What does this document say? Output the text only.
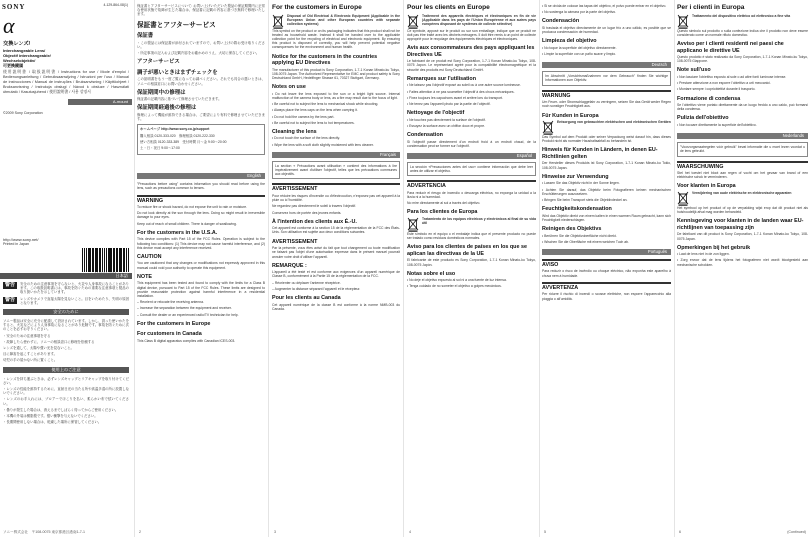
SONY	4-129-864-08(1)
α
交換レンズ/
Interchangeable Lens/
Objectif interchangeable/
Wechselobjektiv/
可更換鏡頭
使用説明書 / 取扱説明書 / Instructions for use / Mode d'emploi / Bedienungsanleitung / Gebruiksaanwijzing / Istruzioni per l'uso / Manual de instrucciones / Manual de instruções / Bruksanvisning / Käyttöohjeet / Bruksanvisning / Instrukcja obsługi / Návod k obsluze / Használati útmutató / Kasutusjuhend / 使用說明書 / 사용 설명서
A-mount
©2009 Sony Corporation
http://www.sony.net/
Printed in Japan
日本語
警告	安全のための注意事項を守らないと、火災や人身事故になることがあります。この取扱説明書には、事故を防ぐための重要な注意事項と製品の取り扱いかたを示しています。
警告	レンズやカメラで直接太陽を見ないこと。目をいためたり、失明の原因となります。
安全のために
ソニー製品は安全に充分に配慮して設計されています。しかし、誤った使いかたをすると、火災などにより人身事故になることがあり危険です。事故を防ぐために次のことを必ずお守りください。
・安全のための注意事項を守る
・故障したら使わずに、ソニーの相談窓口に修理を依頼する
レンズを通して、太陽や強い光を見ないこと。
目に障害を起こすことがあります。
幼児の手の届かない所に置くこと。
使用上のご注意
・レンズを持ち運ぶときは、必ずレンズキャップとリアキャップを取り付けてください。
・レンズの性能を維持するために、直射日光の当たる所や高温多湿の所に放置しないでください。
・レンズのお手入れには、ブロアーでほこりを払い、柔らかい布で拭いてください。
・曇りが発生した場合は、消えるまでしばらく待ってからご使用ください。
・本機の外装は樹脂製です。強い衝撃を与えないでください。
・長期間使用しない場合は、乾燥した場所に保管してください。
ソニー株式会社　〒108-0075 東京都港区港南1-7-1
保証書とアフターサービスについて: お買い上げいただいた製品の保証期間内に正常な使用状態で故障が生じた場合は、保証書に記載の内容に基づき無料で修理いたします。
保証書とアフターサービス
保証書
・この製品には保証書が添付されていますので、お買い上げの際お受け取りください。
・所定事項の記入および記載内容をお確かめのうえ、大切に保存してください。
アフターサービス
調子が悪いときはまずチェックを
この説明書をもう一度ご覧になってお調べください。それでも具合の悪いときは、ソニーの相談窓口にお問い合わせください。
保証期間中の修理は
保証書の記載内容に基づいて修理させていただきます。
保証期間経過後の修理は
修理によって機能が維持できる場合は、ご要望により有料で修理させていただきます。
ホームページ http://www.sony.co.jp/support
購入相談 0120-333-020　修理相談 0120-222-330
使い方相談 0120-333-389　受付時間 月～金 9:00～20:00
土・日・祝日 9:00～17:00
English
"Precautions before using" contains information you should read before using the lens, such as precautions common to lenses.
WARNING
To reduce fire or shock hazard, do not expose the unit to rain or moisture.
Do not look directly at the sun through the lens. Doing so might result in irreversible damage to your eyes.
Keep out of reach of small children. There is danger of swallowing.
For the customers in the U.S.A.
This device complies with Part 15 of the FCC Rules. Operation is subject to the following two conditions: (1) This device may not cause harmful interference, and (2) this device must accept any interference received.
CAUTION
You are cautioned that any changes or modifications not expressly approved in this manual could void your authority to operate this equipment.
NOTE
This equipment has been tested and found to comply with the limits for a Class B digital device, pursuant to Part 15 of the FCC Rules. These limits are designed to provide reasonable protection against harmful interference in a residential installation.
– Reorient or relocate the receiving antenna.
– Increase the separation between the equipment and receiver.
– Consult the dealer or an experienced radio/TV technician for help.
For the customers in Europe
For customers in Canada
This Class B digital apparatus complies with Canadian ICES-003.
2
For the customers in Europe
Disposal of Old Electrical & Electronic Equipment (Applicable in the European Union and other European countries with separate collection systems)
This symbol on the product or on its packaging indicates that this product shall not be treated as household waste. Instead it shall be handed over to the applicable collection point for the recycling of electrical and electronic equipment. By ensuring this product is disposed of correctly, you will help prevent potential negative consequences for the environment and human health.
Notice for the customers in the countries applying EU Directives
The manufacturer of this product is Sony Corporation, 1-7-1 Konan Minato-ku Tokyo, 108-0075 Japan. The Authorized Representative for EMC and product safety is Sony Deutschland GmbH, Hedelfinger Strasse 61, 70327 Stuttgart, Germany.
Notes on use
• Do not leave the lens exposed to the sun or a bright light source. Internal malfunction of the camera body or lens, as a fire may result due to the focus of light.
• Be careful not to subject the lens to mechanical shock while shooting.
• Always place the lens caps on the lens when carrying it.
• Do not hold the camera by the lens part.
• Be careful not to subject the lens to hot temperatures.
Cleaning the lens
• Do not touch the surface of the lens directly.
• Wipe the lens with a soft cloth slightly moistened with lens cleaner.
Français
La section « Précautions avant utilisation » contient des informations à lire impérativement avant d'utiliser l'objectif, telles que les précautions communes aux objectifs.
AVERTISSEMENT
Pour réduire les risques d'incendie ou d'électrocution, n'exposez pas cet appareil à la pluie ou à l'humidité.
Ne regardez pas directement le soleil à travers l'objectif.
Conservez hors de portée des jeunes enfants.
À l'intention des clients aux É.-U.
Cet appareil est conforme à la section 15 de la réglementation de la FCC des États-Unis. Son utilisation est sujette aux deux conditions suivantes.
AVERTISSEMENT
Par la présente, vous êtes avisé du fait que tout changement ou toute modification ne faisant pas l'objet d'une autorisation expresse dans le présent manuel pourrait annuler votre droit d'utiliser l'appareil.
REMARQUE :
L'appareil a été testé et est conforme aux exigences d'un appareil numérique de Classe B, conformément à la Partie 15 de la réglementation de la FCC.
– Réorienter ou déplacer l'antenne réceptrice.
– Augmenter la distance séparant l'appareil et le récepteur.
Pour les clients au Canada
Cet appareil numérique de la classe B est conforme à la norme NMB-003 du Canada.
3
Pour les clients en Europe
Traitement des appareils électriques et électroniques en fin de vie (Applicable dans les pays de l'Union Européenne et aux autres pays européens disposant de systèmes de collecte sélective)
Ce symbole, apposé sur le produit ou sur son emballage, indique que ce produit ne doit pas être traité avec les déchets ménagers. Il doit être remis à un point de collecte approprié pour le recyclage des équipements électriques et électroniques.
Avis aux consommateurs des pays appliquant les Directives UE
Le fabricant de ce produit est Sony Corporation, 1-7-1 Konan Minato-ku Tokyo, 108-0075 Japon. Le représentant agréé pour la compatibilité électromagnétique et la sécurité des produits est Sony Deutschland GmbH.
Remarques sur l'utilisation
• Ne laissez pas l'objectif exposé au soleil ou à une autre source lumineuse.
• Faites attention à ne pas soumettre l'objectif à des chocs mécaniques.
• Fixez toujours les capuchons avant et arrière lors du transport.
• Ne tenez pas l'appareil photo par la partie de l'objectif.
Nettoyage de l'objectif
• Ne touchez pas directement la surface de l'objectif.
• Essuyez la surface avec un chiffon doux et propre.
Condensation
Si l'objectif passe directement d'un endroit froid à un endroit chaud, de la condensation peut se former sur l'objectif.
Español
La sección «Precauciones antes del uso» contiene información que debe leer antes de utilizar el objetivo.
ADVERTENCIA
Para reducir el riesgo de incendio o descarga eléctrica, no exponga la unidad a la lluvia ni a la humedad.
No mire directamente al sol a través del objetivo.
Para los clientes de Europa
Tratamiento de los equipos eléctricos y electrónicos al final de su vida útil
Este símbolo en el equipo o el embalaje indica que el presente producto no puede ser tratado como residuos domésticos normales.
Aviso para los clientes de países en los que se aplican las directivas de la UE
El fabricante de este producto es Sony Corporation, 1-7-1 Konan Minato-ku Tokyo, 108-0075 Japón.
Notas sobre el uso
• No deje el objetivo expuesto al sol ni a una fuente de luz intensa.
• Tenga cuidado de no someter el objetivo a golpes mecánicos.
4
• Si se olvida de colocar las tapas del objetivo, el polvo puede entrar en el objetivo.
• No sostenga la cámara por la parte del objetivo.
Condensación
Si traslada el objetivo directamente de un lugar frío a uno cálido, es posible que se produzca condensación de humedad.
Limpieza del objetivo
• No toque la superficie del objetivo directamente.
• Limpie la superficie con un paño suave y limpio.
Deutsch
Im Abschnitt „Vorsichtsmaßnahmen vor dem Gebrauch" finden Sie wichtige Informationen zum Objektiv.
WARNUNG
Um Feuer- oder Stromschlaggefahr zu verringern, setzen Sie das Gerät weder Regen noch sonstiger Feuchtigkeit aus.
Für Kunden in Europa
Entsorgung von gebrauchten elektrischen und elektronischen Geräten
Das Symbol auf dem Produkt oder seiner Verpackung weist darauf hin, dass dieses Produkt nicht als normaler Haushaltsabfall zu behandeln ist.
Hinweis für Kunden in Ländern, in denen EU-Richtlinien gelten
Der Hersteller dieses Produkts ist Sony Corporation, 1-7-1 Konan Minato-ku Tokio, 108-0075 Japan.
Hinweise zur Verwendung
• Lassen Sie das Objektiv nicht in der Sonne liegen.
• Achten Sie darauf, das Objektiv beim Fotografieren keinen mechanischen Erschütterungen auszusetzen.
• Bringen Sie beim Transport stets die Objektivdeckel an.
Feuchtigkeitskondensation
Wird das Objektiv direkt von einem kalten in einen warmen Raum gebracht, kann sich Feuchtigkeit niederschlagen.
Reinigen des Objektivs
• Berühren Sie die Objektivoberfläche nicht direkt.
• Wischen Sie die Oberfläche mit einem weichen Tuch ab.
Português
AVISO
Para reduzir o risco de incêndio ou choque eléctrico, não exponha este aparelho à chuva nem à humidade.
AVVERTENZA
Per ridurre il rischio di incendi o scosse elettriche, non esporre l'apparecchio alla pioggia o all'umidità.
5
Per i clienti in Europa
Trattamento del dispositivo elettrico od elettronico a fine vita
Questo simbolo sul prodotto o sulla confezione indica che il prodotto non deve essere considerato come un normale rifiuto domestico.
Avviso per i clienti residenti nei paesi che applicano le direttive UE
Questo prodotto è stato realizzato da Sony Corporation, 1-7-1 Konan Minato-ku Tokyo, 108-0075 Giappone.
Note sull'uso
• Non lasciare l'obiettivo esposto al sole o ad altre fonti luminose intense.
• Prestare attenzione a non esporre l'obiettivo a urti meccanici.
• Montare sempre i copriobiettivi durante il trasporto.
Formazione di condensa
Se l'obiettivo viene portato direttamente da un luogo freddo a uno caldo, può formarsi della condensa.
Pulizia dell'obiettivo
• Non toccare direttamente la superficie dell'obiettivo.
Nederlands
"Voorzorgsmaatregelen vóór gebruik" bevat informatie die u moet lezen voordat u de lens gebruikt.
WAARSCHUWING
Stel het toestel niet bloot aan regen of vocht om het gevaar van brand of een elektrische schok te verminderen.
Voor klanten in Europa
Verwijdering van oude elektrische en elektronische apparaten
Het symbool op het product of op de verpakking wijst erop dat dit product niet als huishoudelijk afval mag worden behandeld.
Kennisgeving voor klanten in de landen waar EU-richtlijnen van toepassing zijn
De fabrikant van dit product is Sony Corporation, 1-7-1 Konan Minato-ku Tokyo, 108-0075 Japan.
Opmerkingen bij het gebruik
• Laat de lens niet in de zon liggen.
• Zorg ervoor dat de lens tijdens het fotograferen niet wordt blootgesteld aan mechanische schokken.
6	(Continued)
